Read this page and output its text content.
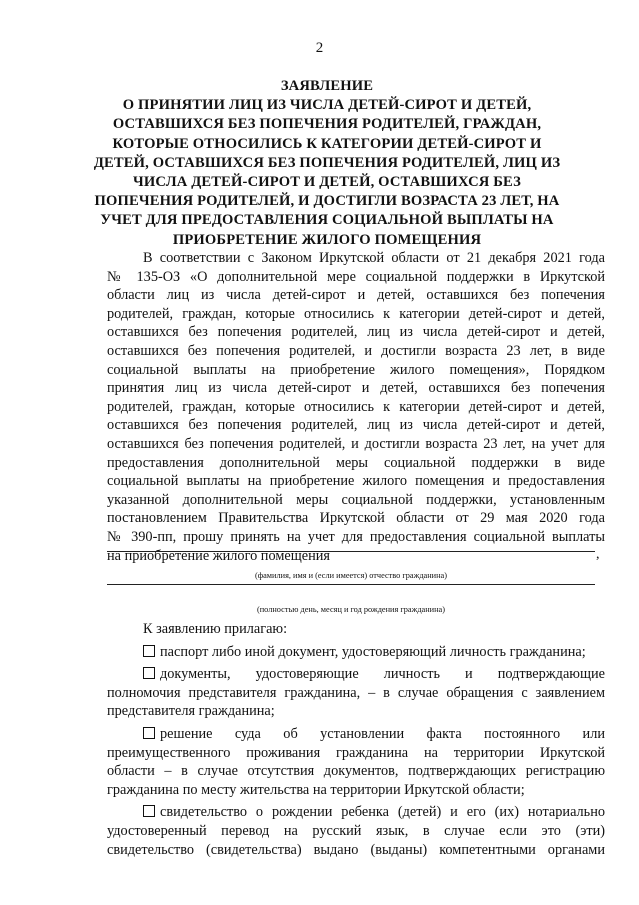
2
ЗАЯВЛЕНИЕ
О ПРИНЯТИИ ЛИЦ ИЗ ЧИСЛА ДЕТЕЙ-СИРОТ И ДЕТЕЙ,
ОСТАВШИХСЯ БЕЗ ПОПЕЧЕНИЯ РОДИТЕЛЕЙ, ГРАЖДАН,
КОТОРЫЕ ОТНОСИЛИСЬ К КАТЕГОРИИ ДЕТЕЙ-СИРОТ И
ДЕТЕЙ, ОСТАВШИХСЯ БЕЗ ПОПЕЧЕНИЯ РОДИТЕЛЕЙ, ЛИЦ ИЗ
ЧИСЛА ДЕТЕЙ-СИРОТ И ДЕТЕЙ, ОСТАВШИХСЯ БЕЗ
ПОПЕЧЕНИЯ РОДИТЕЛЕЙ, И ДОСТИГЛИ ВОЗРАСТА 23 ЛЕТ, НА
УЧЕТ ДЛЯ ПРЕДОСТАВЛЕНИЯ СОЦИАЛЬНОЙ ВЫПЛАТЫ НА
ПРИОБРЕТЕНИЕ ЖИЛОГО ПОМЕЩЕНИЯ
В соответствии с Законом Иркутской области от 21 декабря 2021 года
№ 135-ОЗ «О дополнительной мере социальной поддержки в Иркутской
области лиц из числа детей-сирот и детей, оставшихся без попечения
родителей, граждан, которые относились к категории детей-сирот и детей,
оставшихся без попечения родителей, лиц из числа детей-сирот и детей,
оставшихся без попечения родителей, и достигли возраста 23 лет, в виде
социальной выплаты на приобретение жилого помещения», Порядком
принятия лиц из числа детей-сирот и детей, оставшихся без попечения
родителей, граждан, которые относились к категории детей-сирот и детей,
оставшихся без попечения родителей, лиц из числа детей-сирот и детей,
оставшихся без попечения родителей, и достигли возраста 23 лет, на учет для
предоставления дополнительной меры социальной поддержки в виде
социальной выплаты на приобретение жилого помещения и предоставления
указанной дополнительной меры социальной поддержки, установленным
постановлением Правительства Иркутской области от 29 мая 2020 года
№ 390-пп, прошу принять на учет для предоставления социальной выплаты
на приобретение жилого помещения	,
(фамилия, имя и (если имеется) отчество гражданина)
(полностью день, месяц и год рождения гражданина)
К заявлению прилагаю:
паспорт либо иной документ, удостоверяющий личность гражданина;
документы, удостоверяющие личность и подтверждающие
полномочия представителя гражданина, – в случае обращения с заявлением
представителя гражданина;
решение суда об установлении факта постоянного или
преимущественного проживания гражданина на территории Иркутской
области – в случае отсутствия документов, подтверждающих регистрацию
гражданина по месту жительства на территории Иркутской области;
свидетельство о рождении ребенка (детей) и его (их) нотариально
удостоверенный перевод на русский язык, в случае если это (эти)
свидетельство (свидетельства) выдано (выданы) компетентными органами
